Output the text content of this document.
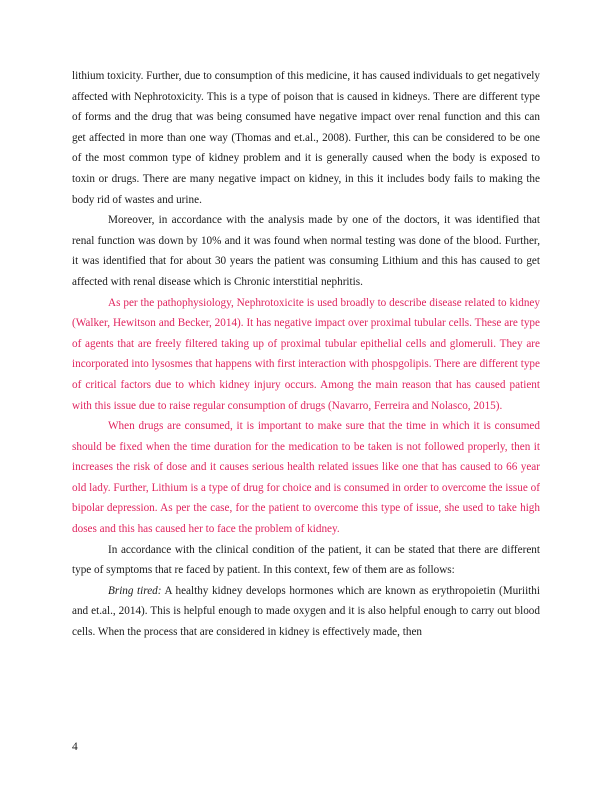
lithium toxicity. Further, due to consumption of this medicine, it has caused individuals to get negatively affected with Nephrotoxicity. This is a type of poison that is caused in kidneys. There are different type of forms and the drug that was being consumed have negative impact over renal function and this can get affected in more than one way (Thomas and et.al., 2008). Further, this can be considered to be one of the most common type of kidney problem and it is generally caused when the body is exposed to toxin or drugs. There are many negative impact on kidney, in this it includes body fails to making the body rid of wastes and urine.

Moreover, in accordance with the analysis made by one of the doctors, it was identified that renal function was down by 10% and it was found when normal testing was done of the blood. Further, it was identified that for about 30 years the patient was consuming Lithium and this has caused to get affected with renal disease which is Chronic interstitial nephritis.

As per the pathophysiology, Nephrotoxicite is used broadly to describe disease related to kidney (Walker, Hewitson and Becker, 2014). It has negative impact over proximal tubular cells. These are type of agents that are freely filtered taking up of proximal tubular epithelial cells and glomeruli. They are incorporated into lysosmes that happens with first interaction with phospgolipis. There are different type of critical factors due to which kidney injury occurs. Among the main reason that has caused patient with this issue due to raise regular consumption of drugs (Navarro, Ferreira and Nolasco, 2015).

When drugs are consumed, it is important to make sure that the time in which it is consumed should be fixed when the time duration for the medication to be taken is not followed properly, then it increases the risk of dose and it causes serious health related issues like one that has caused to 66 year old lady. Further, Lithium is a type of drug for choice and is consumed in order to overcome the issue of bipolar depression. As per the case, for the patient to overcome this type of issue, she used to take high doses and this has caused her to face the problem of kidney.

In accordance with the clinical condition of the patient, it can be stated that there are different type of symptoms that re faced by patient. In this context, few of them are as follows:

Bring tired: A healthy kidney develops hormones which are known as erythropoietin (Muriithi and et.al., 2014). This is helpful enough to made oxygen and it is also helpful enough to carry out blood cells. When the process that are considered in kidney is effectively made, then

4
